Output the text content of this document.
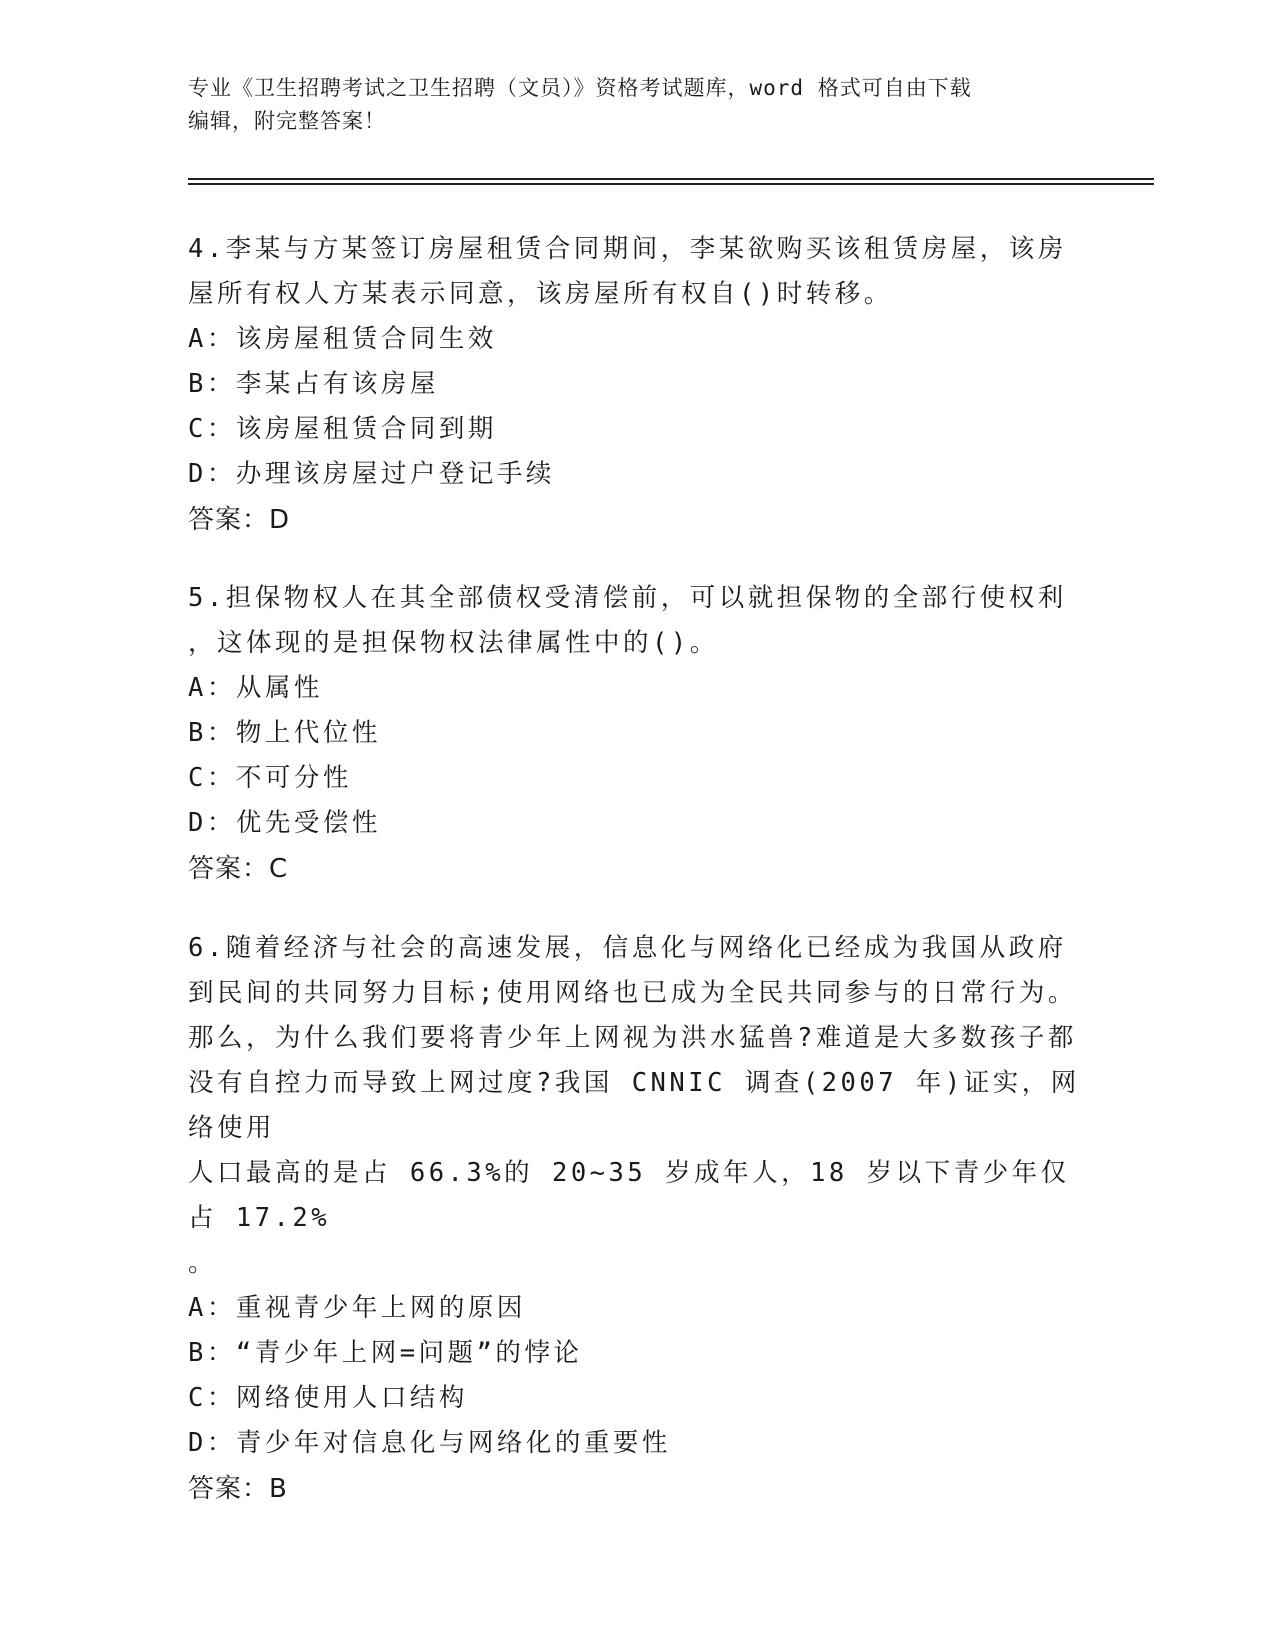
专业《卫生招聘考试之卫生招聘（文员）》资格考试题库，word 格式可自由下载
编辑，附完整答案！
4.李某与方某签订房屋租赁合同期间，李某欲购买该租赁房屋，该房
屋所有权人方某表示同意，该房屋所有权自()时转移。
A：该房屋租赁合同生效
B：李某占有该房屋
C：该房屋租赁合同到期
D：办理该房屋过户登记手续
答案：D
5.担保物权人在其全部债权受清偿前，可以就担保物的全部行使权利
，这体现的是担保物权法律属性中的()。
A：从属性
B：物上代位性
C：不可分性
D：优先受偿性
答案：C
6.随着经济与社会的高速发展，信息化与网络化已经成为我国从政府
到民间的共同努力目标;使用网络也已成为全民共同参与的日常行为。
那么，为什么我们要将青少年上网视为洪水猛兽?难道是大多数孩子都
没有自控力而导致上网过度?我国 CNNIC 调查(2007 年)证实，网络使用
人口最高的是占 66.3%的 20~35 岁成年人，18 岁以下青少年仅占 17.2%
。
A：重视青少年上网的原因
B：“青少年上网=问题”的悖论
C：网络使用人口结构
D：青少年对信息化与网络化的重要性
答案：B
